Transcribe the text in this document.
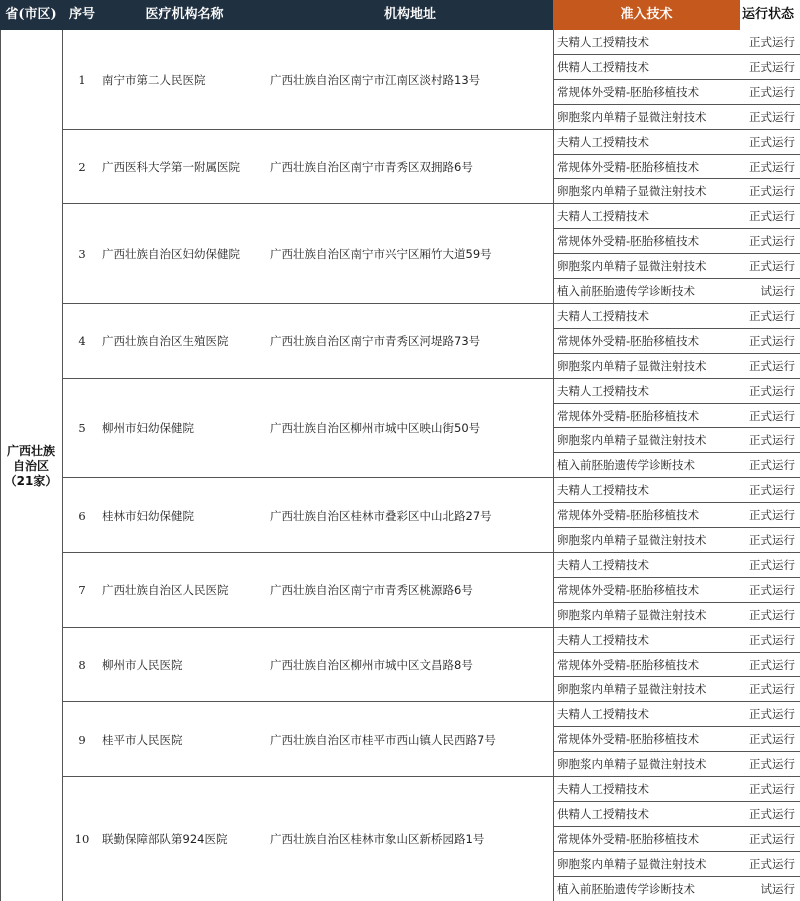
省(市区) 序号	医疗机构名称	机构地址	准入技术	运行状态
广西壮族
自治区
（21家）
1	南宁市第二人民医院	广西壮族自治区南宁市江南区淡村路13号
夫精人工授精技术	正式运行
供精人工授精技术	正式运行
常规体外受精-胚胎移植技术	正式运行
卵胞浆内单精子显微注射技术	正式运行
2	广西医科大学第一附属医院	广西壮族自治区南宁市青秀区双拥路6号
夫精人工授精技术	正式运行
常规体外受精-胚胎移植技术	正式运行
卵胞浆内单精子显微注射技术	正式运行
3	广西壮族自治区妇幼保健院	广西壮族自治区南宁市兴宁区厢竹大道59号
夫精人工授精技术	正式运行
常规体外受精-胚胎移植技术	正式运行
卵胞浆内单精子显微注射技术	正式运行
植入前胚胎遗传学诊断技术	试运行
4	广西壮族自治区生殖医院	广西壮族自治区南宁市青秀区河堤路73号
夫精人工授精技术	正式运行
常规体外受精-胚胎移植技术	正式运行
卵胞浆内单精子显微注射技术	正式运行
5	柳州市妇幼保健院	广西壮族自治区柳州市城中区映山街50号
夫精人工授精技术	正式运行
常规体外受精-胚胎移植技术	正式运行
卵胞浆内单精子显微注射技术	正式运行
植入前胚胎遗传学诊断技术	正式运行
6	桂林市妇幼保健院	广西壮族自治区桂林市叠彩区中山北路27号
夫精人工授精技术	正式运行
常规体外受精-胚胎移植技术	正式运行
卵胞浆内单精子显微注射技术	正式运行
7	广西壮族自治区人民医院	广西壮族自治区南宁市青秀区桃源路6号
夫精人工授精技术	正式运行
常规体外受精-胚胎移植技术	正式运行
卵胞浆内单精子显微注射技术	正式运行
8	柳州市人民医院	广西壮族自治区柳州市城中区文昌路8号
夫精人工授精技术	正式运行
常规体外受精-胚胎移植技术	正式运行
卵胞浆内单精子显微注射技术	正式运行
9	桂平市人民医院	广西壮族自治区市桂平市西山镇人民西路7号
夫精人工授精技术	正式运行
常规体外受精-胚胎移植技术	正式运行
卵胞浆内单精子显微注射技术	正式运行
10	联勤保障部队第924医院	广西壮族自治区桂林市象山区新桥园路1号
夫精人工授精技术	正式运行
供精人工授精技术	正式运行
常规体外受精-胚胎移植技术	正式运行
卵胞浆内单精子显微注射技术	正式运行
植入前胚胎遗传学诊断技术	试运行
